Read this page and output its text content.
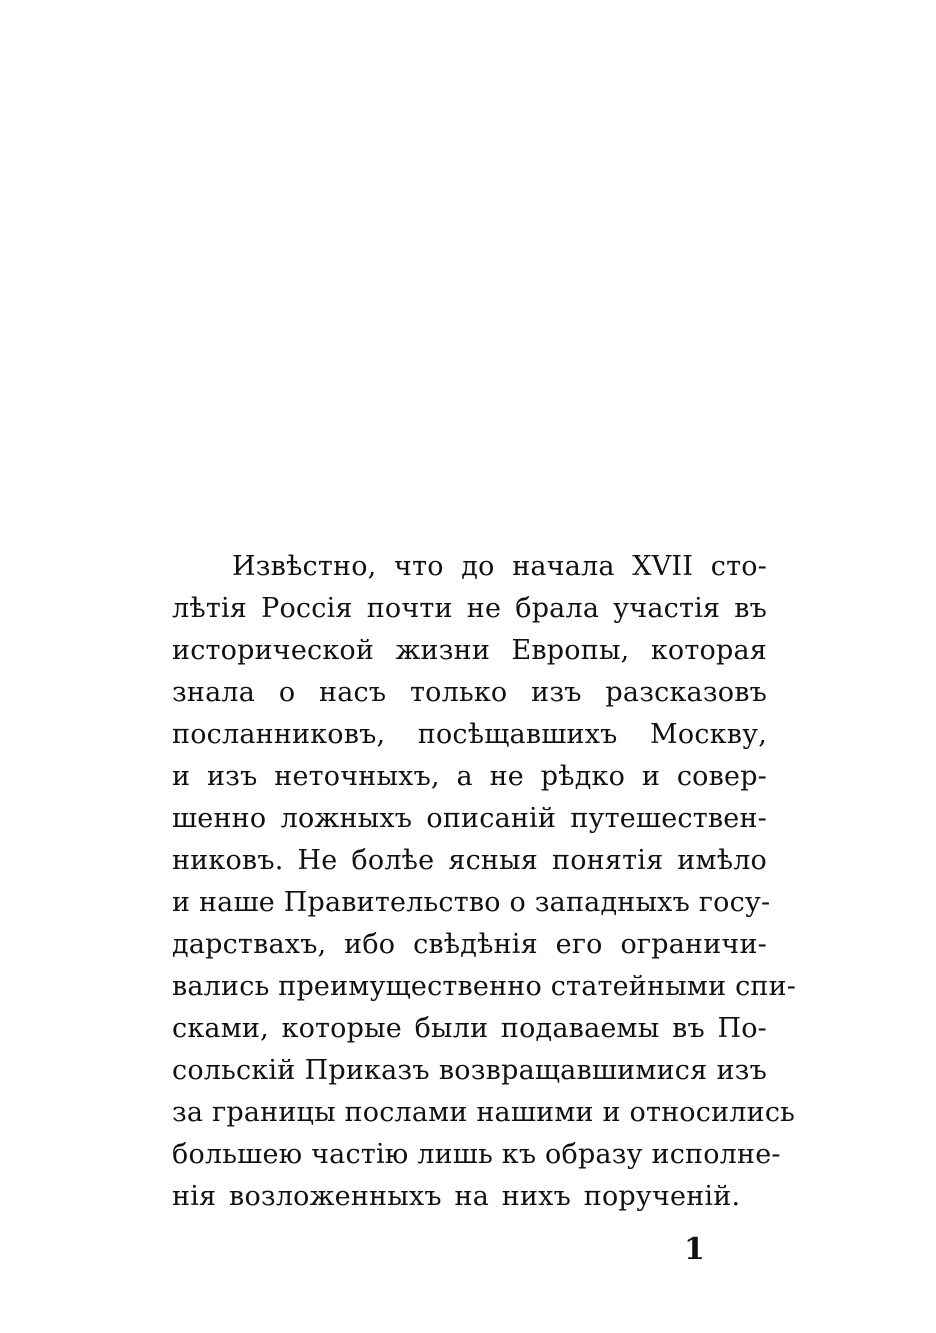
Извѣстно, что до начала XVII сто-
лѣтія Россія почти не брала участія въ
исторической жизни Европы, которая
знала о насъ только изъ разсказовъ
посланниковъ, посѣщавшихъ Москву,
и изъ неточныхъ, а не рѣдко и совер-
шенно ложныхъ описаній путешествен-
никовъ. Не болѣе ясныя понятія имѣло
и наше Правительство о западныхъ госу-
дарствахъ, ибо свѣдѣнія его ограничи-
вались преимущественно статейными спи-
сками, которые были подаваемы въ По-
сольскій Приказъ возвращавшимися изъ
за границы послами нашими и относились
большею частію лишь къ образу исполне-
нія возложенныхъ на нихъ порученій.
1
